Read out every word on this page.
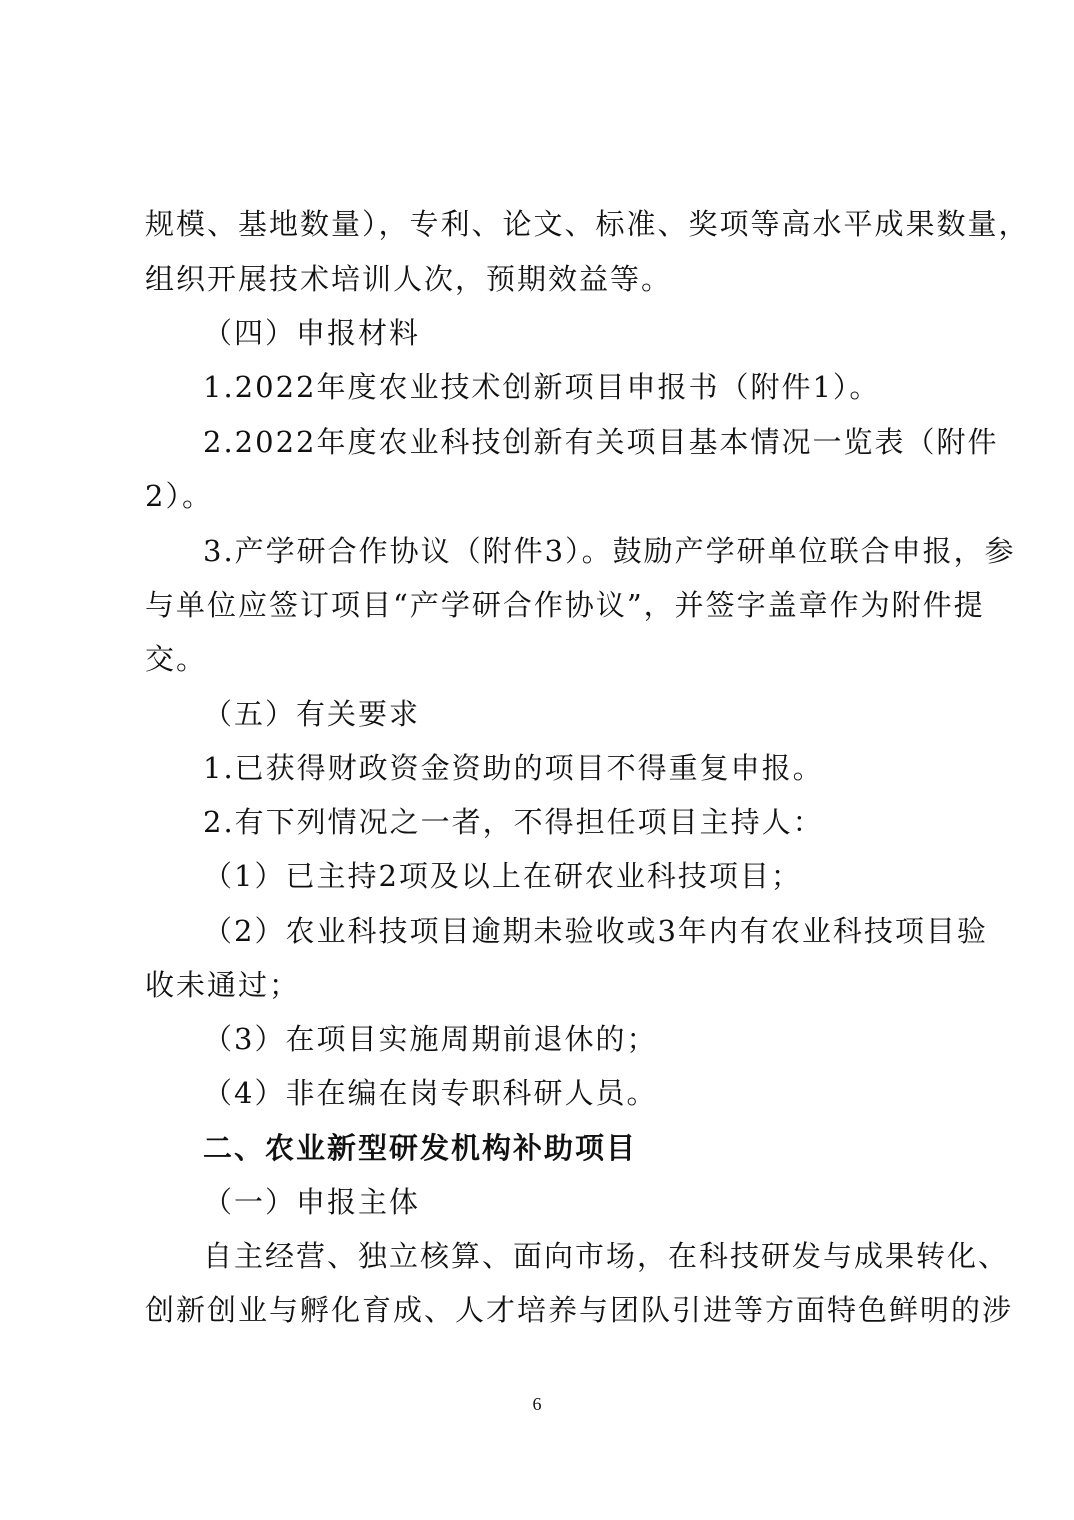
规模、基地数量），专利、论文、标准、奖项等高水平成果数量，
组织开展技术培训人次，预期效益等。
（四）申报材料
1.2022年度农业技术创新项目申报书（附件1）。
2.2022年度农业科技创新有关项目基本情况一览表（附件
2）。
3.产学研合作协议（附件3）。鼓励产学研单位联合申报，参
与单位应签订项目“产学研合作协议”，并签字盖章作为附件提
交。
（五）有关要求
1.已获得财政资金资助的项目不得重复申报。
2.有下列情况之一者，不得担任项目主持人：
（1）已主持2项及以上在研农业科技项目；
（2）农业科技项目逾期未验收或3年内有农业科技项目验
收未通过；
（3）在项目实施周期前退休的；
（4）非在编在岗专职科研人员。
二、农业新型研发机构补助项目
（一）申报主体
自主经营、独立核算、面向市场，在科技研发与成果转化、
创新创业与孵化育成、人才培养与团队引进等方面特色鲜明的涉
6
